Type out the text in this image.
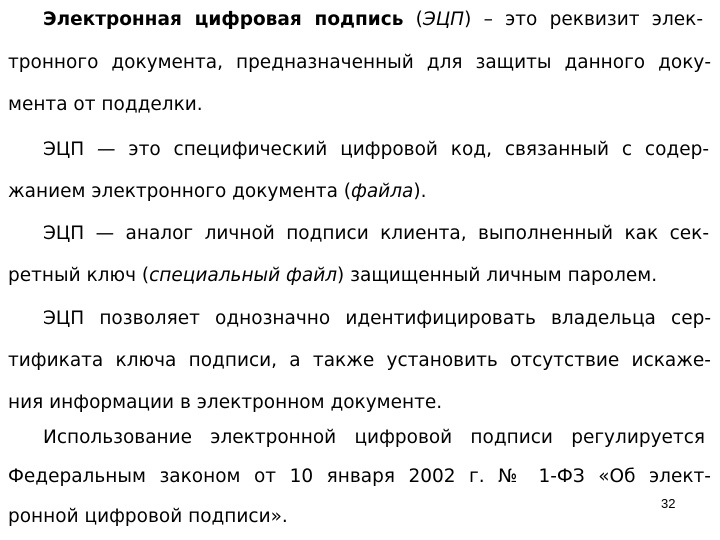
Электронная цифровая подпись (ЭЦП) – это реквизит элек-

тронного документа, предназначенный для защиты данного доку-

мента от подделки.

ЭЦП — это специфический цифровой код, связанный с содер-

жанием электронного документа (файла).

ЭЦП — аналог личной подписи клиента, выполненный как сек-

ретный ключ (специальный файл) защищенный личным паролем.

ЭЦП позволяет однозначно идентифицировать владельца сер-

тификата ключа подписи, а также установить отсутствие искаже-

ния информации в электронном документе.

Использование электронной цифровой подписи регулируется

Федеральным законом от 10 января 2002 г. № 1-ФЗ «Об элект-

ронной цифровой подписи».

32
